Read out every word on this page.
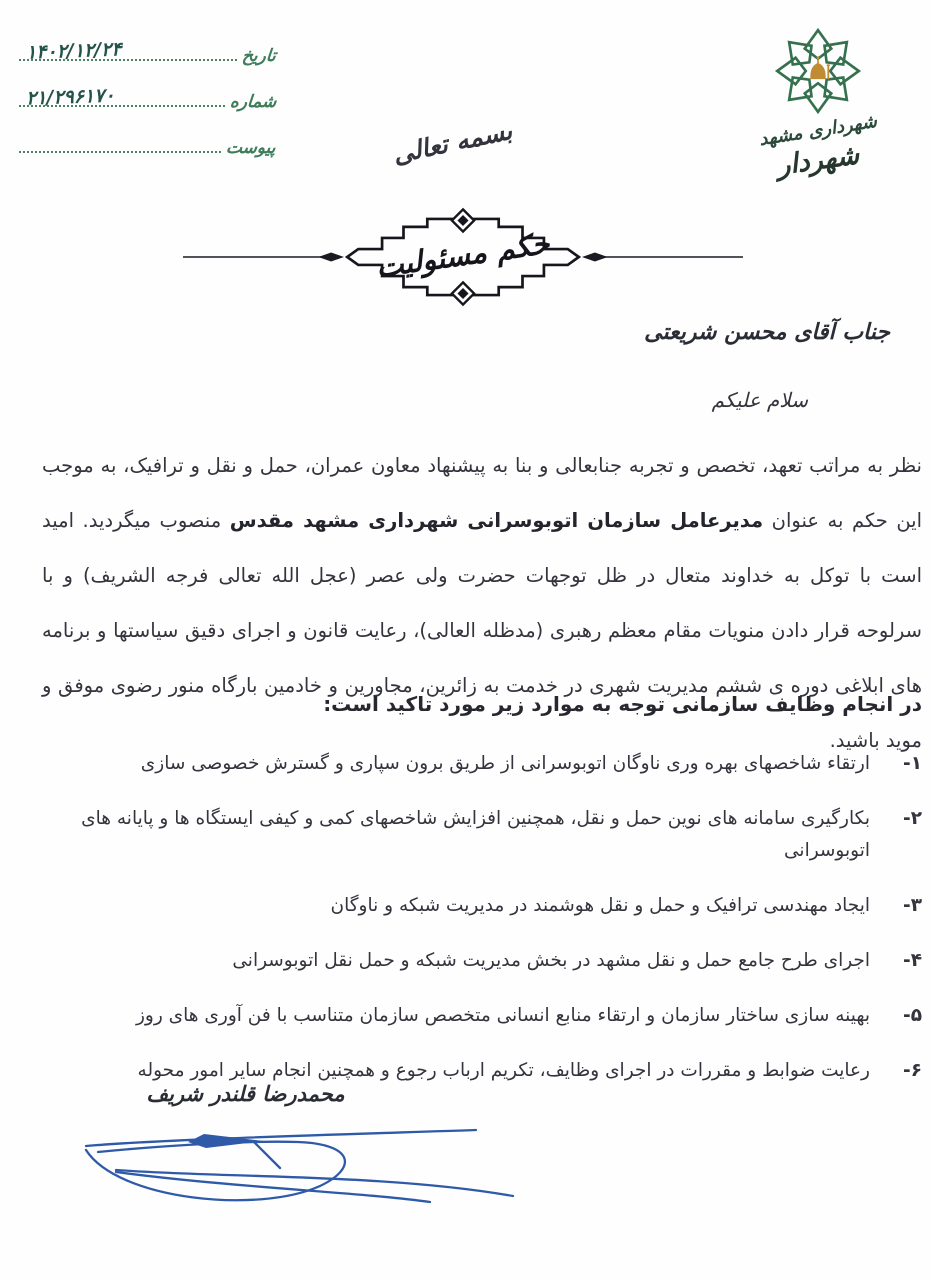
تاریخ
۱۴۰۲/۱۲/۲۴
شماره
۲۱/۲۹۶۱۷۰
پیوست	شهرداری مشهد
شهردار
بسمه تعالی
حکم مسئولیت
جناب آقای محسن شریعتی
سلام علیکم

نظر به مراتب تعهد، تخصص و تجربه جنابعالی و بنا به پیشنهاد معاون عمران، حمل و نقل و ترافیک، به موجب این حکم به عنوان مدیرعامل سازمان اتوبوسرانی شهرداری مشهد مقدس منصوب میگردید. امید است با توکل به خداوند متعال در ظل توجهات حضرت ولی عصر (عجل الله تعالی فرجه الشریف) و با سرلوحه قرار دادن منویات مقام معظم رهبری (مدظله العالی)، رعایت قانون و اجرای دقیق سیاستها و برنامه های ابلاغی دوره ی ششم مدیریت شهری در خدمت به زائرین، مجاورین و خادمین بارگاه منور رضوی موفق و موید باشید.

در انجام وظایف سازمانی توجه به موارد زیر مورد تاکید است:
۱-
ارتقاء شاخصهای بهره وری ناوگان اتوبوسرانی از طریق برون سپاری و گسترش خصوصی سازی
۲-
بکارگیری سامانه های نوین حمل و نقل، همچنین افزایش شاخصهای کمی و کیفی ایستگاه ها و پایانه های اتوبوسرانی
۳-
ایجاد مهندسی ترافیک و حمل و نقل هوشمند در مدیریت شبکه و ناوگان
۴-
اجرای طرح جامع حمل و نقل مشهد در بخش مدیریت شبکه و حمل نقل اتوبوسرانی
۵-
بهینه سازی ساختار سازمان و ارتقاء منابع انسانی متخصص سازمان متناسب با فن آوری های روز
۶-
رعایت ضوابط و مقررات در اجرای وظایف، تکریم ارباب رجوع و همچنین انجام سایر امور محوله
محمدرضا قلندر شریف
